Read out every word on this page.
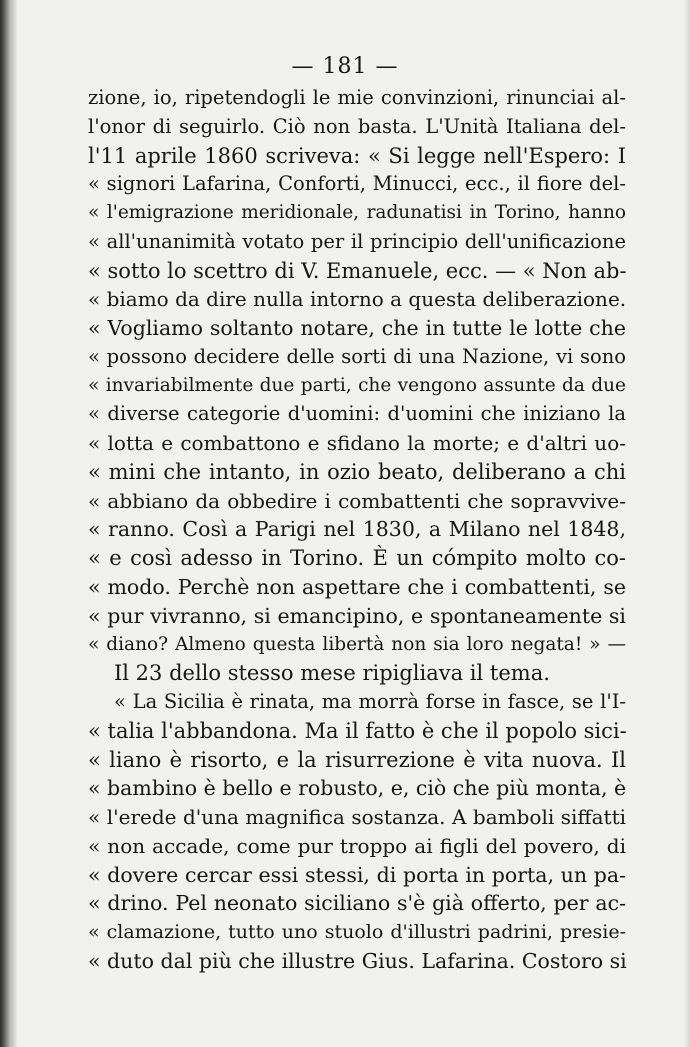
— 181 —
zione, io, ripetendogli le mie convinzioni, rinunciai al-
l'onor di seguirlo. Ciò non basta. L'Unità Italiana del-
l'11 aprile 1860 scriveva: « Si legge nell'Espero: I
« signori Lafarina, Conforti, Minucci, ecc., il fiore del-
« l'emigrazione meridionale, radunatisi in Torino, hanno
« all'unanimità votato per il principio dell'unificazione
« sotto lo scettro di V. Emanuele, ecc. — « Non ab-
« biamo da dire nulla intorno a questa deliberazione.
« Vogliamo soltanto notare, che in tutte le lotte che
« possono decidere delle sorti di una Nazione, vi sono
« invariabilmente due parti, che vengono assunte da due
« diverse categorie d'uomini: d'uomini che iniziano la
« lotta e combattono e sfidano la morte; e d'altri uo-
« mini che intanto, in ozio beato, deliberano a chi
« abbiano da obbedire i combattenti che sopravvive-
« ranno. Così a Parigi nel 1830, a Milano nel 1848,
« e così adesso in Torino. È un cómpito molto co-
« modo. Perchè non aspettare che i combattenti, se
« pur vivranno, si emancipino, e spontaneamente si
« diano? Almeno questa libertà non sia loro negata! » —
Il 23 dello stesso mese ripigliava il tema.
« La Sicilia è rinata, ma morrà forse in fasce, se l'I-
« talia l'abbandona. Ma il fatto è che il popolo sici-
« liano è risorto, e la risurrezione è vita nuova. Il
« bambino è bello e robusto, e, ciò che più monta, è
« l'erede d'una magnifica sostanza. A bamboli siffatti
« non accade, come pur troppo ai figli del povero, di
« dovere cercar essi stessi, di porta in porta, un pa-
« drino. Pel neonato siciliano s'è già offerto, per ac-
« clamazione, tutto uno stuolo d'illustri padrini, presie-
« duto dal più che illustre Gius. Lafarina. Costoro si
